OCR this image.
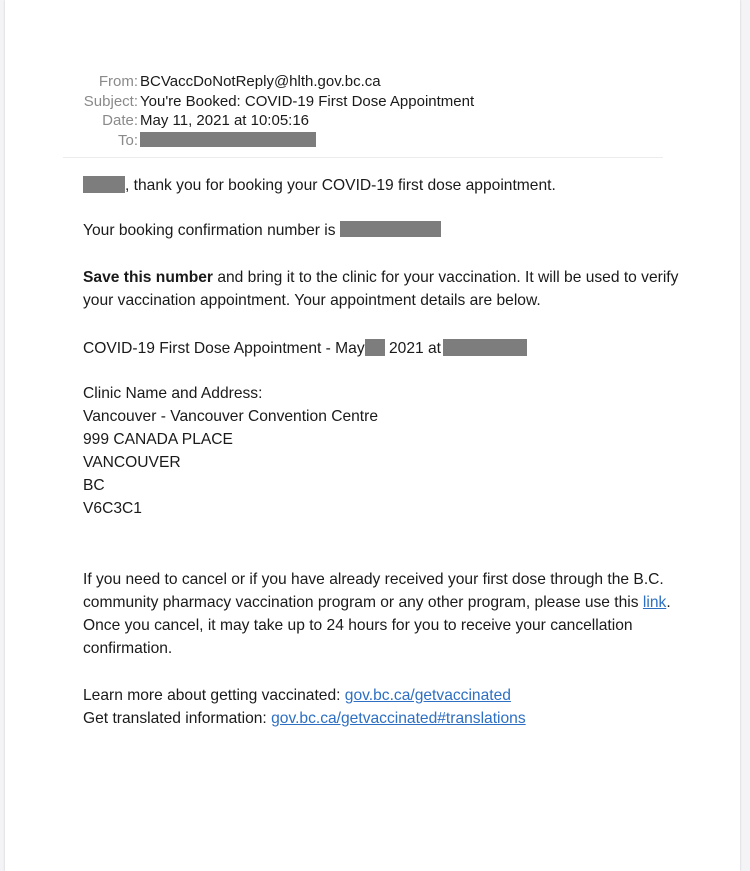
From: BCVaccDoNotReply@hlth.gov.bc.ca
Subject: You're Booked: COVID-19 First Dose Appointment
Date: May 11, 2021 at 10:05:16
To:

, thank you for booking your COVID-19 first dose appointment.

Your booking confirmation number is

Save this number and bring it to the clinic for your vaccination. It will be used to verify your vaccination appointment. Your appointment details are below.

COVID-19 First Dose Appointment - May 2021 at

Clinic Name and Address:
Vancouver - Vancouver Convention Centre
999 CANADA PLACE
VANCOUVER
BC
V6C3C1

If you need to cancel or if you have already received your first dose through the B.C. community pharmacy vaccination program or any other program, please use this link. Once you cancel, it may take up to 24 hours for you to receive your cancellation confirmation.

Learn more about getting vaccinated: gov.bc.ca/getvaccinated

Get translated information: gov.bc.ca/getvaccinated#translations
